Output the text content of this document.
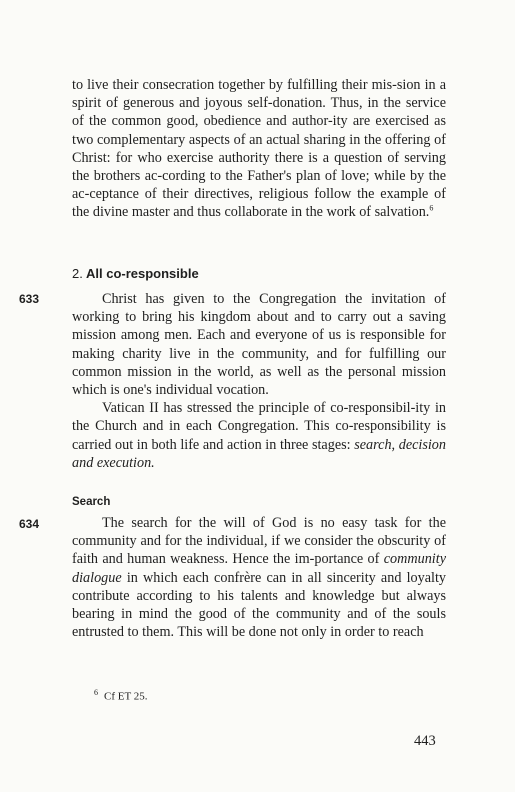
to live their consecration together by fulfilling their mis-sion in a spirit of generous and joyous self-donation. Thus, in the service of the common good, obedience and author-ity are exercised as two complementary aspects of an actual sharing in the offering of Christ: for who exercise authority there is a question of serving the brothers ac-cording to the Father's plan of love; while by the ac-ceptance of their directives, religious follow the example of the divine master and thus collaborate in the work of salvation.$^6$

2. All co-responsible
633	Christ has given to the Congregation the invitation of working to bring his kingdom about and to carry out a saving mission among men. Each and everyone of us is responsible for making charity live in the community, and for fulfilling our common mission in the world, as well as the personal mission which is one's individual vocation.

Vatican II has stressed the principle of co-responsibil-ity in the Church and in each Congregation. This co-responsibility is carried out in both life and action in three stages: search, decision and execution.

Search
634	The search for the will of God is no easy task for the community and for the individual, if we consider the obscurity of faith and human weakness. Hence the im-portance of community dialogue in which each confrère can in all sincerity and loyalty contribute according to his talents and knowledge but always bearing in mind the good of the community and of the souls entrusted to them. This will be done not only in order to reach

$^6$ Cf ET 25.
443
